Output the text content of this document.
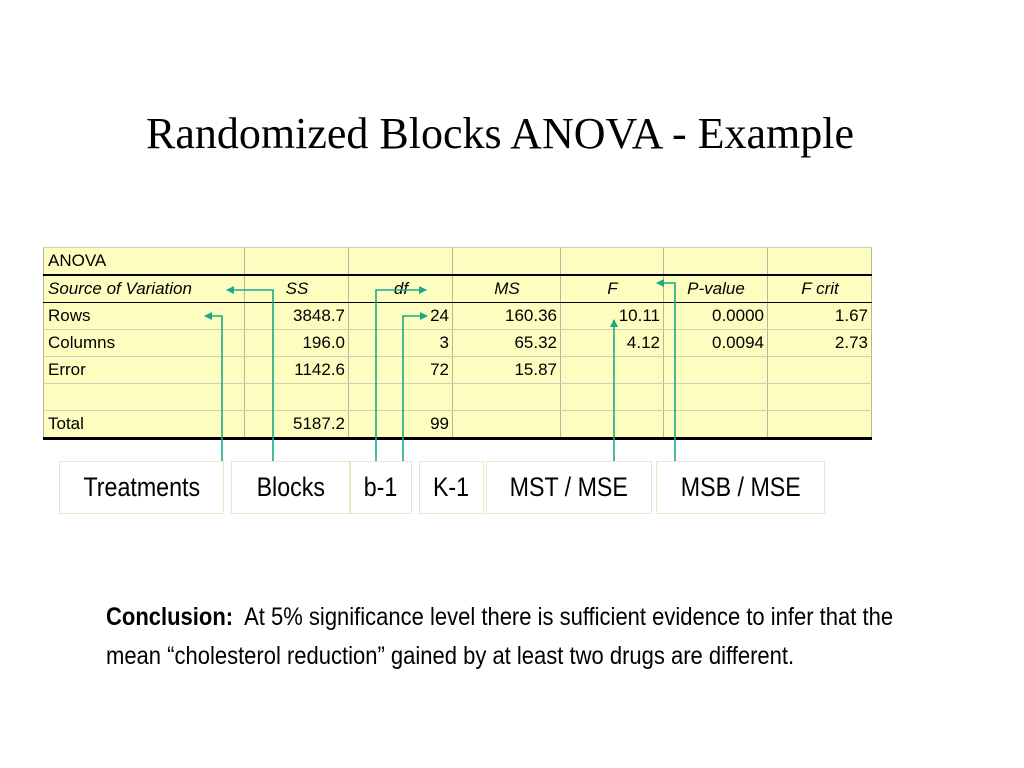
Randomized Blocks ANOVA - Example
ANOVA						
Source of Variation	SS	df	MS	F	P-value	F crit
Rows	3848.7	24	160.36	10.11	0.0000	1.67
Columns	196.0	3	65.32	4.12	0.0094	2.73
Error	1142.6	72	15.87			

Total	5187.2	99				
Treatments	Blocks	b-1	K-1	MST / MSE	MSB / MSE
Conclusion: At 5% significance level there is sufficient evidence to infer that the mean “cholesterol reduction” gained by at least two drugs are different.
